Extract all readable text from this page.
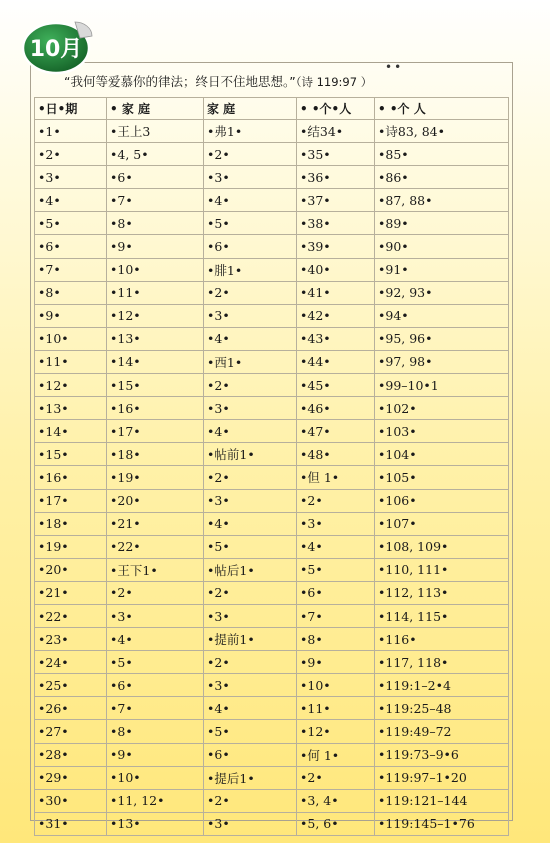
10月
••
“我何等爱慕你的律法；终日不住地思想。”（诗 119:97 ）
•日•期	• 家 庭	家 庭	• •个•人	• •个 人
•1•	•王上3	•弗1•	•结34•	•诗83, 84•
•2•	•4, 5•	•2•	•35•	•85•
•3•	•6•	•3•	•36•	•86•
•4•	•7•	•4•	•37•	•87, 88•
•5•	•8•	•5•	•38•	•89•
•6•	•9•	•6•	•39•	•90•
•7•	•10•	•腓1•	•40•	•91•
•8•	•11•	•2•	•41•	•92, 93•
•9•	•12•	•3•	•42•	•94•
•10•	•13•	•4•	•43•	•95, 96•
•11•	•14•	•西1•	•44•	•97, 98•
•12•	•15•	•2•	•45•	•99–10•1
•13•	•16•	•3•	•46•	•102•
•14•	•17•	•4•	•47•	•103•
•15•	•18•	•帖前1•	•48•	•104•
•16•	•19•	•2•	•但 1•	•105•
•17•	•20•	•3•	•2•	•106•
•18•	•21•	•4•	•3•	•107•
•19•	•22•	•5•	•4•	•108, 109•
•20•	•王下1•	•帖后1•	•5•	•110, 111•
•21•	•2•	•2•	•6•	•112, 113•
•22•	•3•	•3•	•7•	•114, 115•
•23•	•4•	•提前1•	•8•	•116•
•24•	•5•	•2•	•9•	•117, 118•
•25•	•6•	•3•	•10•	•119:1–2•4
•26•	•7•	•4•	•11•	•119:25–48
•27•	•8•	•5•	•12•	•119:49–72
•28•	•9•	•6•	•何 1•	•119:73–9•6
•29•	•10•	•提后1•	•2•	•119:97–1•20
•30•	•11, 12•	•2•	•3, 4•	•119:121–144
•31•	•13•	•3•	•5, 6•	•119:145–1•76
